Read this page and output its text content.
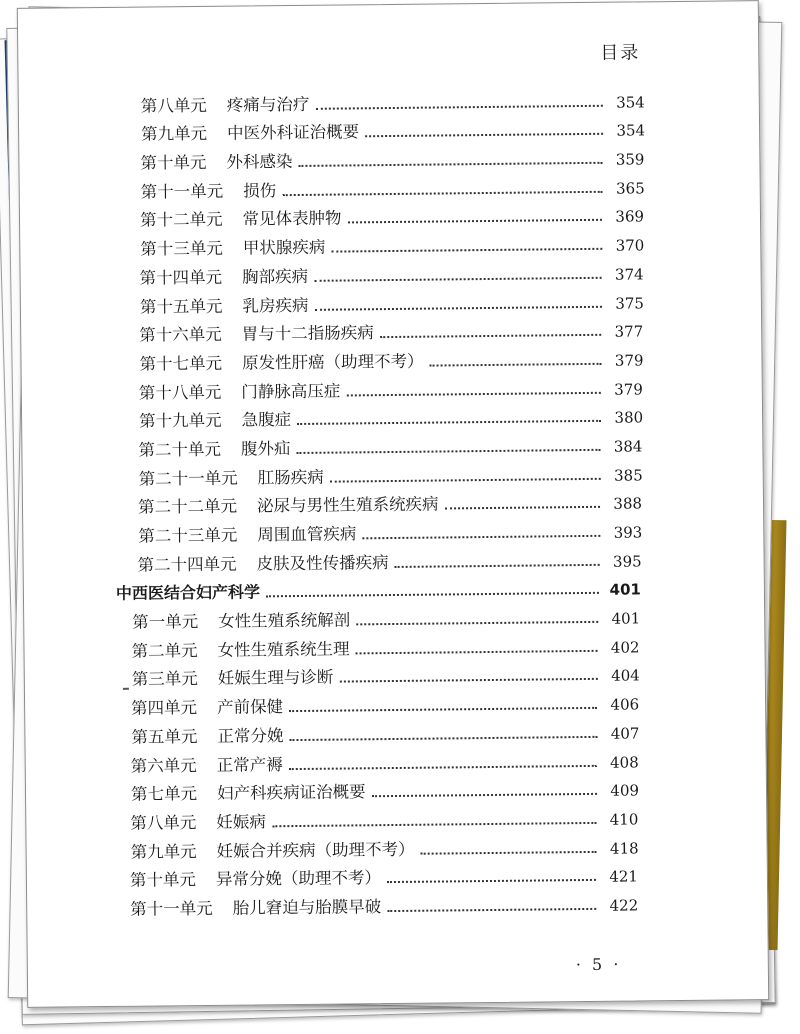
目录
第八单元 疼痛与治疗	354
第九单元 中医外科证治概要	354
第十单元 外科感染	359
第十一单元 损伤	365
第十二单元 常见体表肿物	369
第十三单元 甲状腺疾病	370
第十四单元 胸部疾病	374
第十五单元 乳房疾病	375
第十六单元 胃与十二指肠疾病	377
第十七单元 原发性肝癌（助理不考）	379
第十八单元 门静脉高压症	379
第十九单元 急腹症	380
第二十单元 腹外疝	384
第二十一单元 肛肠疾病	385
第二十二单元 泌尿与男性生殖系统疾病	388
第二十三单元 周围血管疾病	393
第二十四单元 皮肤及性传播疾病	395
中西医结合妇产科学	401
第一单元 女性生殖系统解剖	401
第二单元 女性生殖系统生理	402
第三单元 妊娠生理与诊断	404
第四单元 产前保健	406
第五单元 正常分娩	407
第六单元 正常产褥	408
第七单元 妇产科疾病证治概要	409
第八单元 妊娠病	410
第九单元 妊娠合并疾病（助理不考）	418
第十单元 异常分娩（助理不考）	421
第十一单元 胎儿窘迫与胎膜早破	422
· 5 ·
